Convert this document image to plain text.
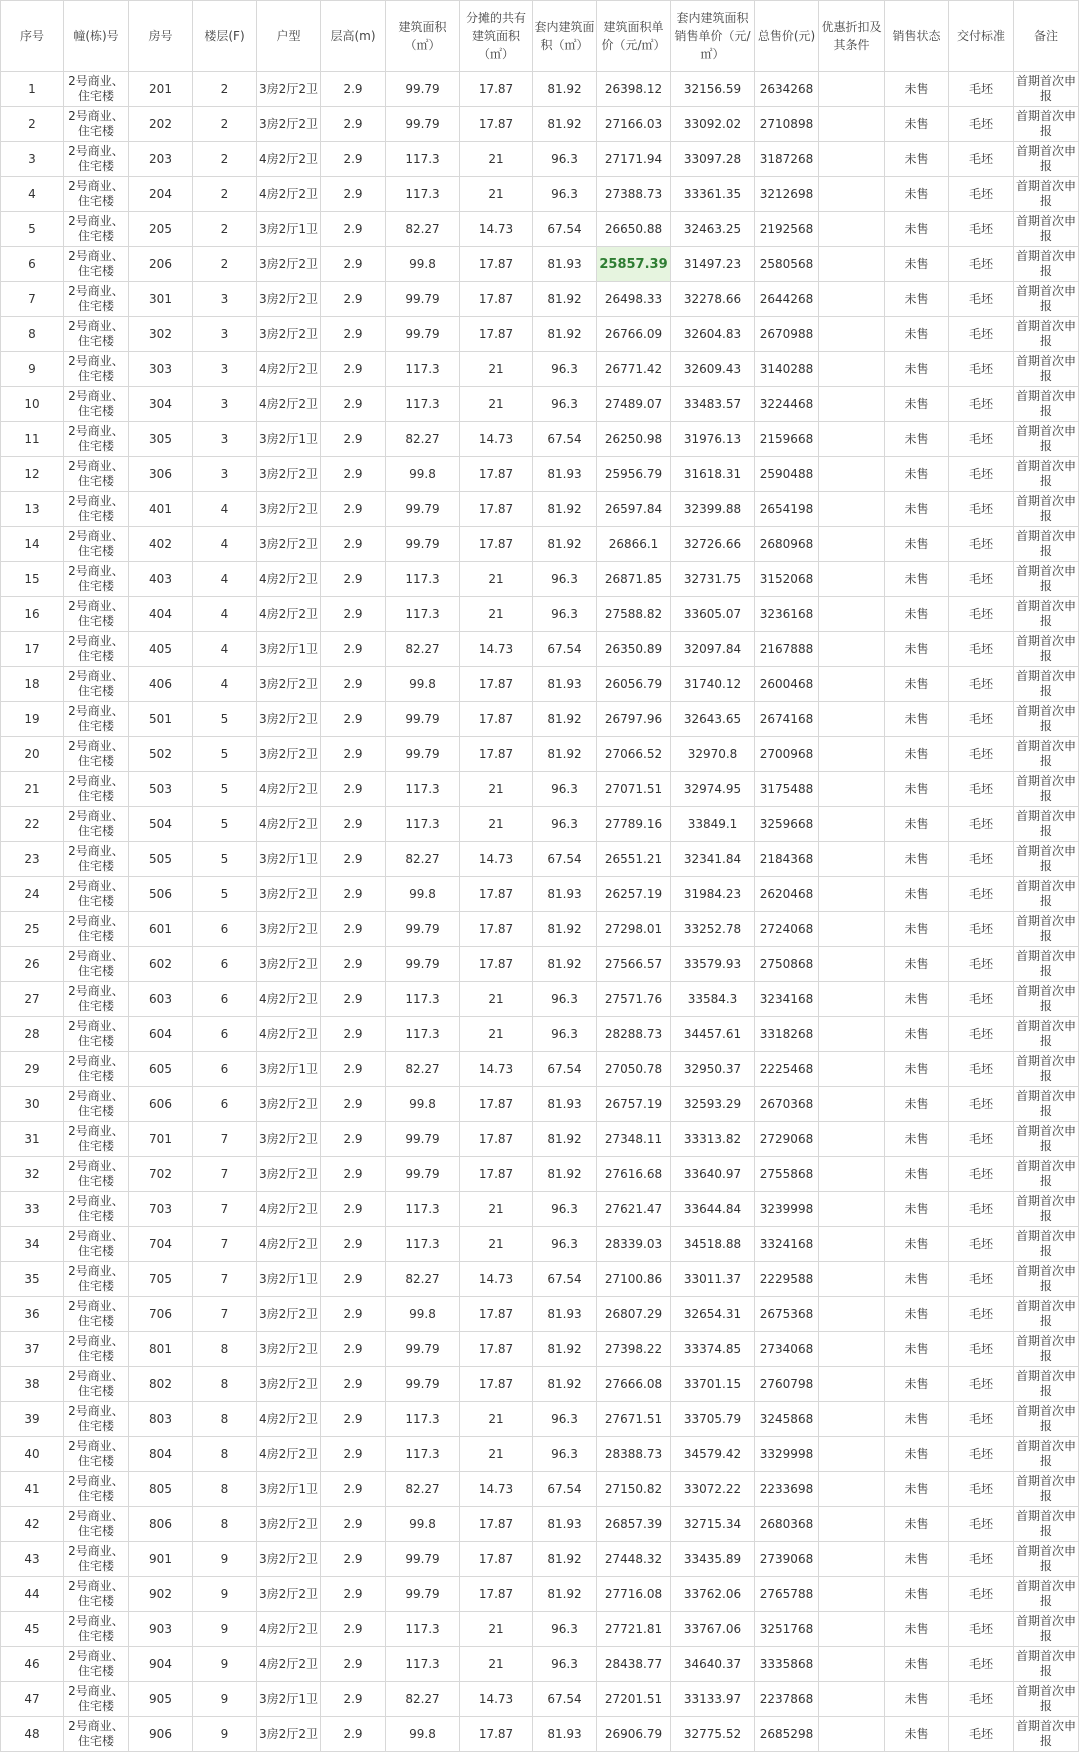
序号	幢(栋)号	房号	楼层(F)	户型	层高(m)	建筑面积（㎡）	分摊的共有建筑面积（㎡）	套内建筑面积（㎡）	建筑面积单价（元/㎡）	套内建筑面积销售单价（元/㎡）	总售价(元)	优惠折扣及其条件	销售状态	交付标准	备注
1	2号商业、住宅楼	201	2	3房2厅2卫	2.9	99.79	17.87	81.92	26398.12	32156.59	2634268		未售	毛坯	首期首次申报
2	2号商业、住宅楼	202	2	3房2厅2卫	2.9	99.79	17.87	81.92	27166.03	33092.02	2710898		未售	毛坯	首期首次申报
3	2号商业、住宅楼	203	2	4房2厅2卫	2.9	117.3	21	96.3	27171.94	33097.28	3187268		未售	毛坯	首期首次申报
4	2号商业、住宅楼	204	2	4房2厅2卫	2.9	117.3	21	96.3	27388.73	33361.35	3212698		未售	毛坯	首期首次申报
5	2号商业、住宅楼	205	2	3房2厅1卫	2.9	82.27	14.73	67.54	26650.88	32463.25	2192568		未售	毛坯	首期首次申报
6	2号商业、住宅楼	206	2	3房2厅2卫	2.9	99.8	17.87	81.93	25857.39	31497.23	2580568		未售	毛坯	首期首次申报
7	2号商业、住宅楼	301	3	3房2厅2卫	2.9	99.79	17.87	81.92	26498.33	32278.66	2644268		未售	毛坯	首期首次申报
8	2号商业、住宅楼	302	3	3房2厅2卫	2.9	99.79	17.87	81.92	26766.09	32604.83	2670988		未售	毛坯	首期首次申报
9	2号商业、住宅楼	303	3	4房2厅2卫	2.9	117.3	21	96.3	26771.42	32609.43	3140288		未售	毛坯	首期首次申报
10	2号商业、住宅楼	304	3	4房2厅2卫	2.9	117.3	21	96.3	27489.07	33483.57	3224468		未售	毛坯	首期首次申报
11	2号商业、住宅楼	305	3	3房2厅1卫	2.9	82.27	14.73	67.54	26250.98	31976.13	2159668		未售	毛坯	首期首次申报
12	2号商业、住宅楼	306	3	3房2厅2卫	2.9	99.8	17.87	81.93	25956.79	31618.31	2590488		未售	毛坯	首期首次申报
13	2号商业、住宅楼	401	4	3房2厅2卫	2.9	99.79	17.87	81.92	26597.84	32399.88	2654198		未售	毛坯	首期首次申报
14	2号商业、住宅楼	402	4	3房2厅2卫	2.9	99.79	17.87	81.92	26866.1	32726.66	2680968		未售	毛坯	首期首次申报
15	2号商业、住宅楼	403	4	4房2厅2卫	2.9	117.3	21	96.3	26871.85	32731.75	3152068		未售	毛坯	首期首次申报
16	2号商业、住宅楼	404	4	4房2厅2卫	2.9	117.3	21	96.3	27588.82	33605.07	3236168		未售	毛坯	首期首次申报
17	2号商业、住宅楼	405	4	3房2厅1卫	2.9	82.27	14.73	67.54	26350.89	32097.84	2167888		未售	毛坯	首期首次申报
18	2号商业、住宅楼	406	4	3房2厅2卫	2.9	99.8	17.87	81.93	26056.79	31740.12	2600468		未售	毛坯	首期首次申报
19	2号商业、住宅楼	501	5	3房2厅2卫	2.9	99.79	17.87	81.92	26797.96	32643.65	2674168		未售	毛坯	首期首次申报
20	2号商业、住宅楼	502	5	3房2厅2卫	2.9	99.79	17.87	81.92	27066.52	32970.8	2700968		未售	毛坯	首期首次申报
21	2号商业、住宅楼	503	5	4房2厅2卫	2.9	117.3	21	96.3	27071.51	32974.95	3175488		未售	毛坯	首期首次申报
22	2号商业、住宅楼	504	5	4房2厅2卫	2.9	117.3	21	96.3	27789.16	33849.1	3259668		未售	毛坯	首期首次申报
23	2号商业、住宅楼	505	5	3房2厅1卫	2.9	82.27	14.73	67.54	26551.21	32341.84	2184368		未售	毛坯	首期首次申报
24	2号商业、住宅楼	506	5	3房2厅2卫	2.9	99.8	17.87	81.93	26257.19	31984.23	2620468		未售	毛坯	首期首次申报
25	2号商业、住宅楼	601	6	3房2厅2卫	2.9	99.79	17.87	81.92	27298.01	33252.78	2724068		未售	毛坯	首期首次申报
26	2号商业、住宅楼	602	6	3房2厅2卫	2.9	99.79	17.87	81.92	27566.57	33579.93	2750868		未售	毛坯	首期首次申报
27	2号商业、住宅楼	603	6	4房2厅2卫	2.9	117.3	21	96.3	27571.76	33584.3	3234168		未售	毛坯	首期首次申报
28	2号商业、住宅楼	604	6	4房2厅2卫	2.9	117.3	21	96.3	28288.73	34457.61	3318268		未售	毛坯	首期首次申报
29	2号商业、住宅楼	605	6	3房2厅1卫	2.9	82.27	14.73	67.54	27050.78	32950.37	2225468		未售	毛坯	首期首次申报
30	2号商业、住宅楼	606	6	3房2厅2卫	2.9	99.8	17.87	81.93	26757.19	32593.29	2670368		未售	毛坯	首期首次申报
31	2号商业、住宅楼	701	7	3房2厅2卫	2.9	99.79	17.87	81.92	27348.11	33313.82	2729068		未售	毛坯	首期首次申报
32	2号商业、住宅楼	702	7	3房2厅2卫	2.9	99.79	17.87	81.92	27616.68	33640.97	2755868		未售	毛坯	首期首次申报
33	2号商业、住宅楼	703	7	4房2厅2卫	2.9	117.3	21	96.3	27621.47	33644.84	3239998		未售	毛坯	首期首次申报
34	2号商业、住宅楼	704	7	4房2厅2卫	2.9	117.3	21	96.3	28339.03	34518.88	3324168		未售	毛坯	首期首次申报
35	2号商业、住宅楼	705	7	3房2厅1卫	2.9	82.27	14.73	67.54	27100.86	33011.37	2229588		未售	毛坯	首期首次申报
36	2号商业、住宅楼	706	7	3房2厅2卫	2.9	99.8	17.87	81.93	26807.29	32654.31	2675368		未售	毛坯	首期首次申报
37	2号商业、住宅楼	801	8	3房2厅2卫	2.9	99.79	17.87	81.92	27398.22	33374.85	2734068		未售	毛坯	首期首次申报
38	2号商业、住宅楼	802	8	3房2厅2卫	2.9	99.79	17.87	81.92	27666.08	33701.15	2760798		未售	毛坯	首期首次申报
39	2号商业、住宅楼	803	8	4房2厅2卫	2.9	117.3	21	96.3	27671.51	33705.79	3245868		未售	毛坯	首期首次申报
40	2号商业、住宅楼	804	8	4房2厅2卫	2.9	117.3	21	96.3	28388.73	34579.42	3329998		未售	毛坯	首期首次申报
41	2号商业、住宅楼	805	8	3房2厅1卫	2.9	82.27	14.73	67.54	27150.82	33072.22	2233698		未售	毛坯	首期首次申报
42	2号商业、住宅楼	806	8	3房2厅2卫	2.9	99.8	17.87	81.93	26857.39	32715.34	2680368		未售	毛坯	首期首次申报
43	2号商业、住宅楼	901	9	3房2厅2卫	2.9	99.79	17.87	81.92	27448.32	33435.89	2739068		未售	毛坯	首期首次申报
44	2号商业、住宅楼	902	9	3房2厅2卫	2.9	99.79	17.87	81.92	27716.08	33762.06	2765788		未售	毛坯	首期首次申报
45	2号商业、住宅楼	903	9	4房2厅2卫	2.9	117.3	21	96.3	27721.81	33767.06	3251768		未售	毛坯	首期首次申报
46	2号商业、住宅楼	904	9	4房2厅2卫	2.9	117.3	21	96.3	28438.77	34640.37	3335868		未售	毛坯	首期首次申报
47	2号商业、住宅楼	905	9	3房2厅1卫	2.9	82.27	14.73	67.54	27201.51	33133.97	2237868		未售	毛坯	首期首次申报
48	2号商业、住宅楼	906	9	3房2厅2卫	2.9	99.8	17.87	81.93	26906.79	32775.52	2685298		未售	毛坯	首期首次申报
